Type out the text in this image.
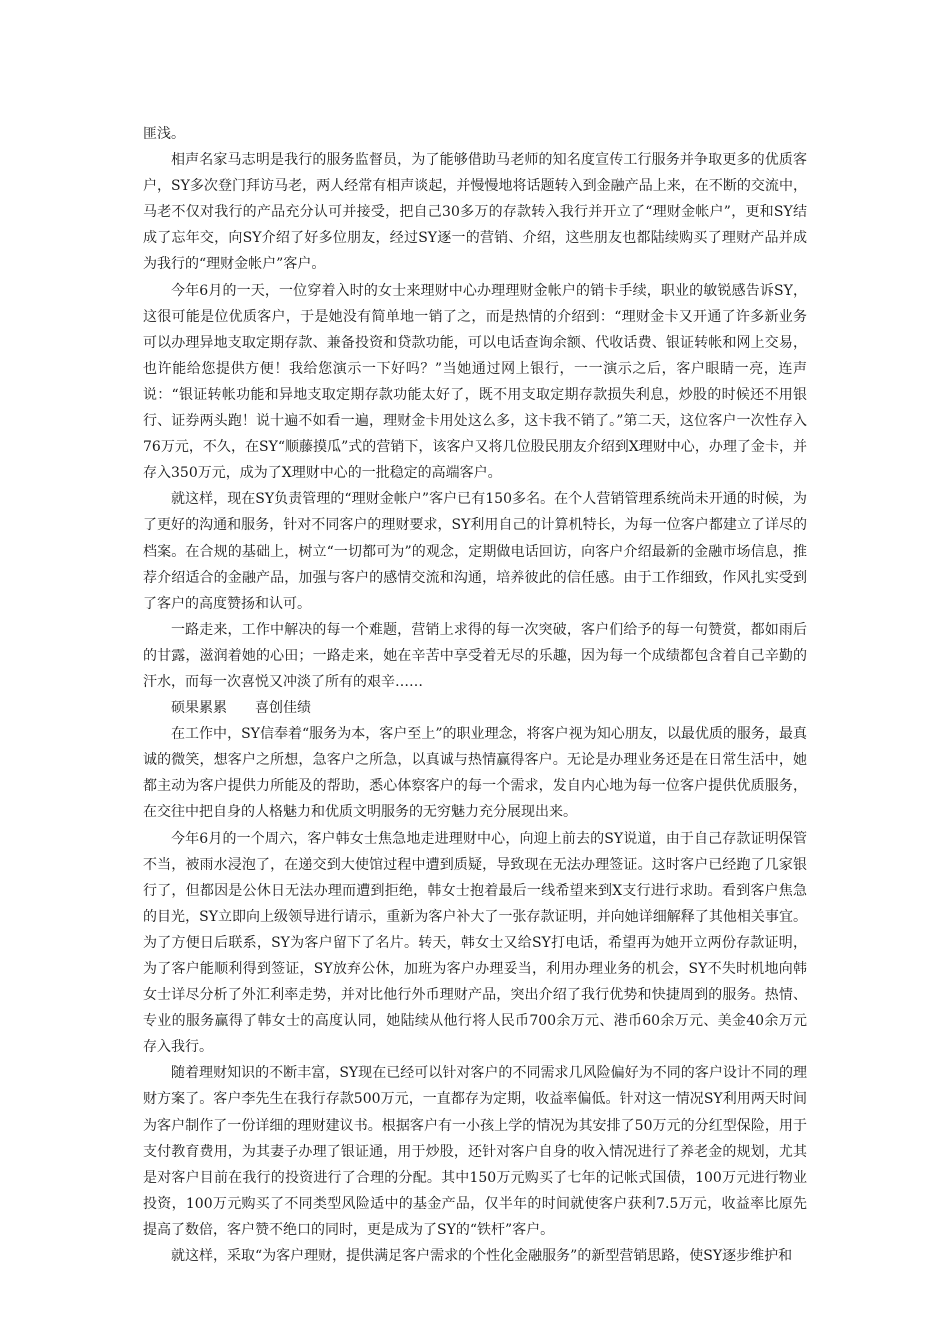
匪浅。

相声名家马志明是我行的服务监督员，为了能够借助马老师的知名度宣传工行服务并争取更多的优质客户，SY多次登门拜访马老，两人经常有相声谈起，并慢慢地将话题转入到金融产品上来，在不断的交流中，马老不仅对我行的产品充分认可并接受，把自己30多万的存款转入我行并开立了“理财金帐户”，更和SY结成了忘年交，向SY介绍了好多位朋友，经过SY逐一的营销、介绍，这些朋友也都陆续购买了理财产品并成为我行的“理财金帐户”客户。

今年6月的一天，一位穿着入时的女士来理财中心办理理财金帐户的销卡手续，职业的敏锐感告诉SY，这很可能是位优质客户，于是她没有简单地一销了之，而是热情的介绍到：“理财金卡又开通了许多新业务可以办理异地支取定期存款、兼备投资和贷款功能，可以电话查询余额、代收话费、银证转帐和网上交易，也许能给您提供方便！我给您演示一下好吗？”当她通过网上银行，一一演示之后，客户眼睛一亮，连声说：“银证转帐功能和异地支取定期存款功能太好了，既不用支取定期存款损失利息，炒股的时候还不用银行、证券两头跑！说十遍不如看一遍，理财金卡用处这么多，这卡我不销了。”第二天，这位客户一次性存入76万元，不久，在SY“顺藤摸瓜”式的营销下，该客户又将几位股民朋友介绍到X理财中心，办理了金卡，并存入350万元，成为了X理财中心的一批稳定的高端客户。

就这样，现在SY负责管理的“理财金帐户”客户已有150多名。在个人营销管理系统尚未开通的时候，为了更好的沟通和服务，针对不同客户的理财要求，SY利用自己的计算机特长，为每一位客户都建立了详尽的档案。在合规的基础上，树立“一切都可为”的观念，定期做电话回访，向客户介绍最新的金融市场信息，推荐介绍适合的金融产品，加强与客户的感情交流和沟通，培养彼此的信任感。由于工作细致，作风扎实受到了客户的高度赞扬和认可。

一路走来，工作中解决的每一个难题，营销上求得的每一次突破，客户们给予的每一句赞赏，都如雨后的甘露，滋润着她的心田；一路走来，她在辛苦中享受着无尽的乐趣，因为每一个成绩都包含着自己辛勤的汗水，而每一次喜悦又冲淡了所有的艰辛……

硕果累累　　喜创佳绩

在工作中，SY信奉着“服务为本，客户至上”的职业理念，将客户视为知心朋友，以最优质的服务，最真诚的微笑，想客户之所想，急客户之所急，以真诚与热情赢得客户。无论是办理业务还是在日常生活中，她都主动为客户提供力所能及的帮助，悉心体察客户的每一个需求，发自内心地为每一位客户提供优质服务，在交往中把自身的人格魅力和优质文明服务的无穷魅力充分展现出来。

今年6月的一个周六，客户韩女士焦急地走进理财中心，向迎上前去的SY说道，由于自己存款证明保管不当，被雨水浸泡了，在递交到大使馆过程中遭到质疑，导致现在无法办理签证。这时客户已经跑了几家银行了，但都因是公休日无法办理而遭到拒绝，韩女士抱着最后一线希望来到X支行进行求助。看到客户焦急的目光，SY立即向上级领导进行请示，重新为客户补大了一张存款证明，并向她详细解释了其他相关事宜。为了方便日后联系，SY为客户留下了名片。转天，韩女士又给SY打电话，希望再为她开立两份存款证明，为了客户能顺利得到签证，SY放弃公休，加班为客户办理妥当，利用办理业务的机会，SY不失时机地向韩女士详尽分析了外汇利率走势，并对比他行外币理财产品，突出介绍了我行优势和快捷周到的服务。热情、专业的服务赢得了韩女士的高度认同，她陆续从他行将人民币700余万元、港币60余万元、美金40余万元存入我行。

随着理财知识的不断丰富，SY现在已经可以针对客户的不同需求几风险偏好为不同的客户设计不同的理财方案了。客户李先生在我行存款500万元，一直都存为定期，收益率偏低。针对这一情况SY利用两天时间为客户制作了一份详细的理财建议书。根据客户有一小孩上学的情况为其安排了50万元的分红型保险，用于支付教育费用，为其妻子办理了银证通，用于炒股，还针对客户自身的收入情况进行了养老金的规划，尤其是对客户目前在我行的投资进行了合理的分配。其中150万元购买了七年的记帐式国债，100万元进行物业投资，100万元购买了不同类型风险适中的基金产品，仅半年的时间就使客户获利7.5万元，收益率比原先提高了数倍，客户赞不绝口的同时，更是成为了SY的“铁杆”客户。

就这样，采取“为客户理财，提供满足客户需求的个性化金融服务”的新型营销思路，使SY逐步维护和
